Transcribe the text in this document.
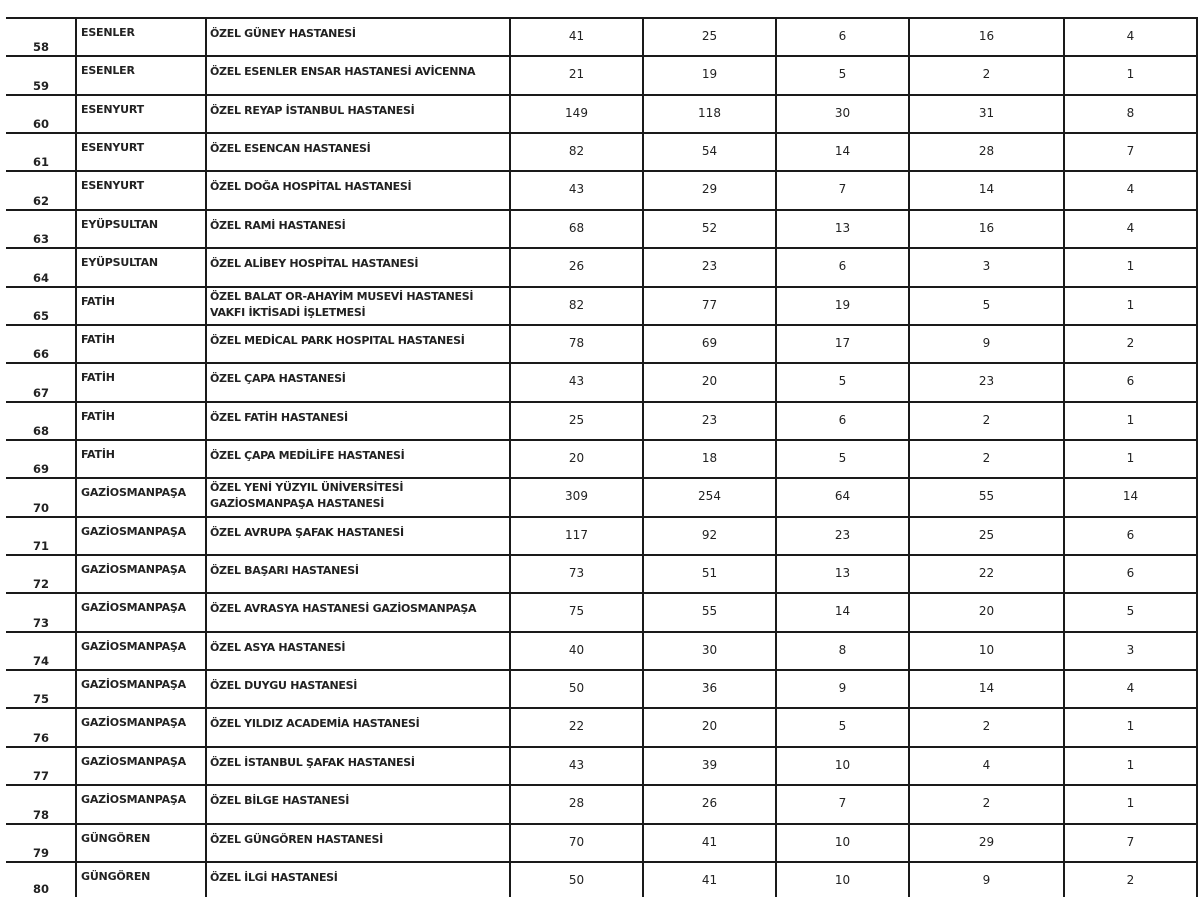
58
ESENLER	ÖZEL GÜNEY HASTANESİ	41	25	6	16	4
59
ESENLER	ÖZEL ESENLER ENSAR HASTANESİ AVİCENNA	21	19	5	2	1
60
ESENYURT	ÖZEL REYAP İSTANBUL HASTANESİ	149	118	30	31	8
61
ESENYURT	ÖZEL ESENCAN HASTANESİ	82	54	14	28	7
62
ESENYURT	ÖZEL DOĞA HOSPİTAL HASTANESİ	43	29	7	14	4
63
EYÜPSULTAN	ÖZEL RAMİ HASTANESİ	68	52	13	16	4
64
EYÜPSULTAN	ÖZEL ALİBEY HOSPİTAL HASTANESİ	26	23	6	3	1
65
FATİH	ÖZEL BALAT OR-AHAYİM MUSEVİ HASTANESİ VAKFI İKTİSADİ İŞLETMESİ
82	77	19	5	1
66
FATİH	ÖZEL MEDİCAL PARK HOSPITAL HASTANESİ	78	69	17	9	2
67
FATİH	ÖZEL ÇAPA HASTANESİ	43	20	5	23	6
68
FATİH	ÖZEL FATİH HASTANESİ	25	23	6	2	1
69
FATİH	ÖZEL ÇAPA MEDİLİFE HASTANESİ	20	18	5	2	1
70
GAZİOSMANPAŞA ÖZEL YENİ YÜZYIL ÜNİVERSİTESİ GAZİOSMANPAŞA HASTANESİ
309	254	64	55	14
71
GAZİOSMANPAŞA ÖZEL AVRUPA ŞAFAK HASTANESİ	117	92	23	25	6
72
GAZİOSMANPAŞA ÖZEL BAŞARI HASTANESİ	73	51	13	22	6
73
GAZİOSMANPAŞA ÖZEL AVRASYA HASTANESİ GAZİOSMANPAŞA	75	55	14	20	5
74
GAZİOSMANPAŞA ÖZEL ASYA HASTANESİ	40	30	8	10	3
75
GAZİOSMANPAŞA ÖZEL DUYGU HASTANESİ	50	36	9	14	4
76
GAZİOSMANPAŞA ÖZEL YILDIZ ACADEMİA HASTANESİ	22	20	5	2	1
77
GAZİOSMANPAŞA ÖZEL İSTANBUL ŞAFAK HASTANESİ	43	39	10	4	1
78
GAZİOSMANPAŞA ÖZEL BİLGE HASTANESİ	28	26	7	2	1
79
GÜNGÖREN	ÖZEL GÜNGÖREN HASTANESİ	70	41	10	29	7
80
GÜNGÖREN	ÖZEL İLGİ HASTANESİ	50	41	10	9	2
